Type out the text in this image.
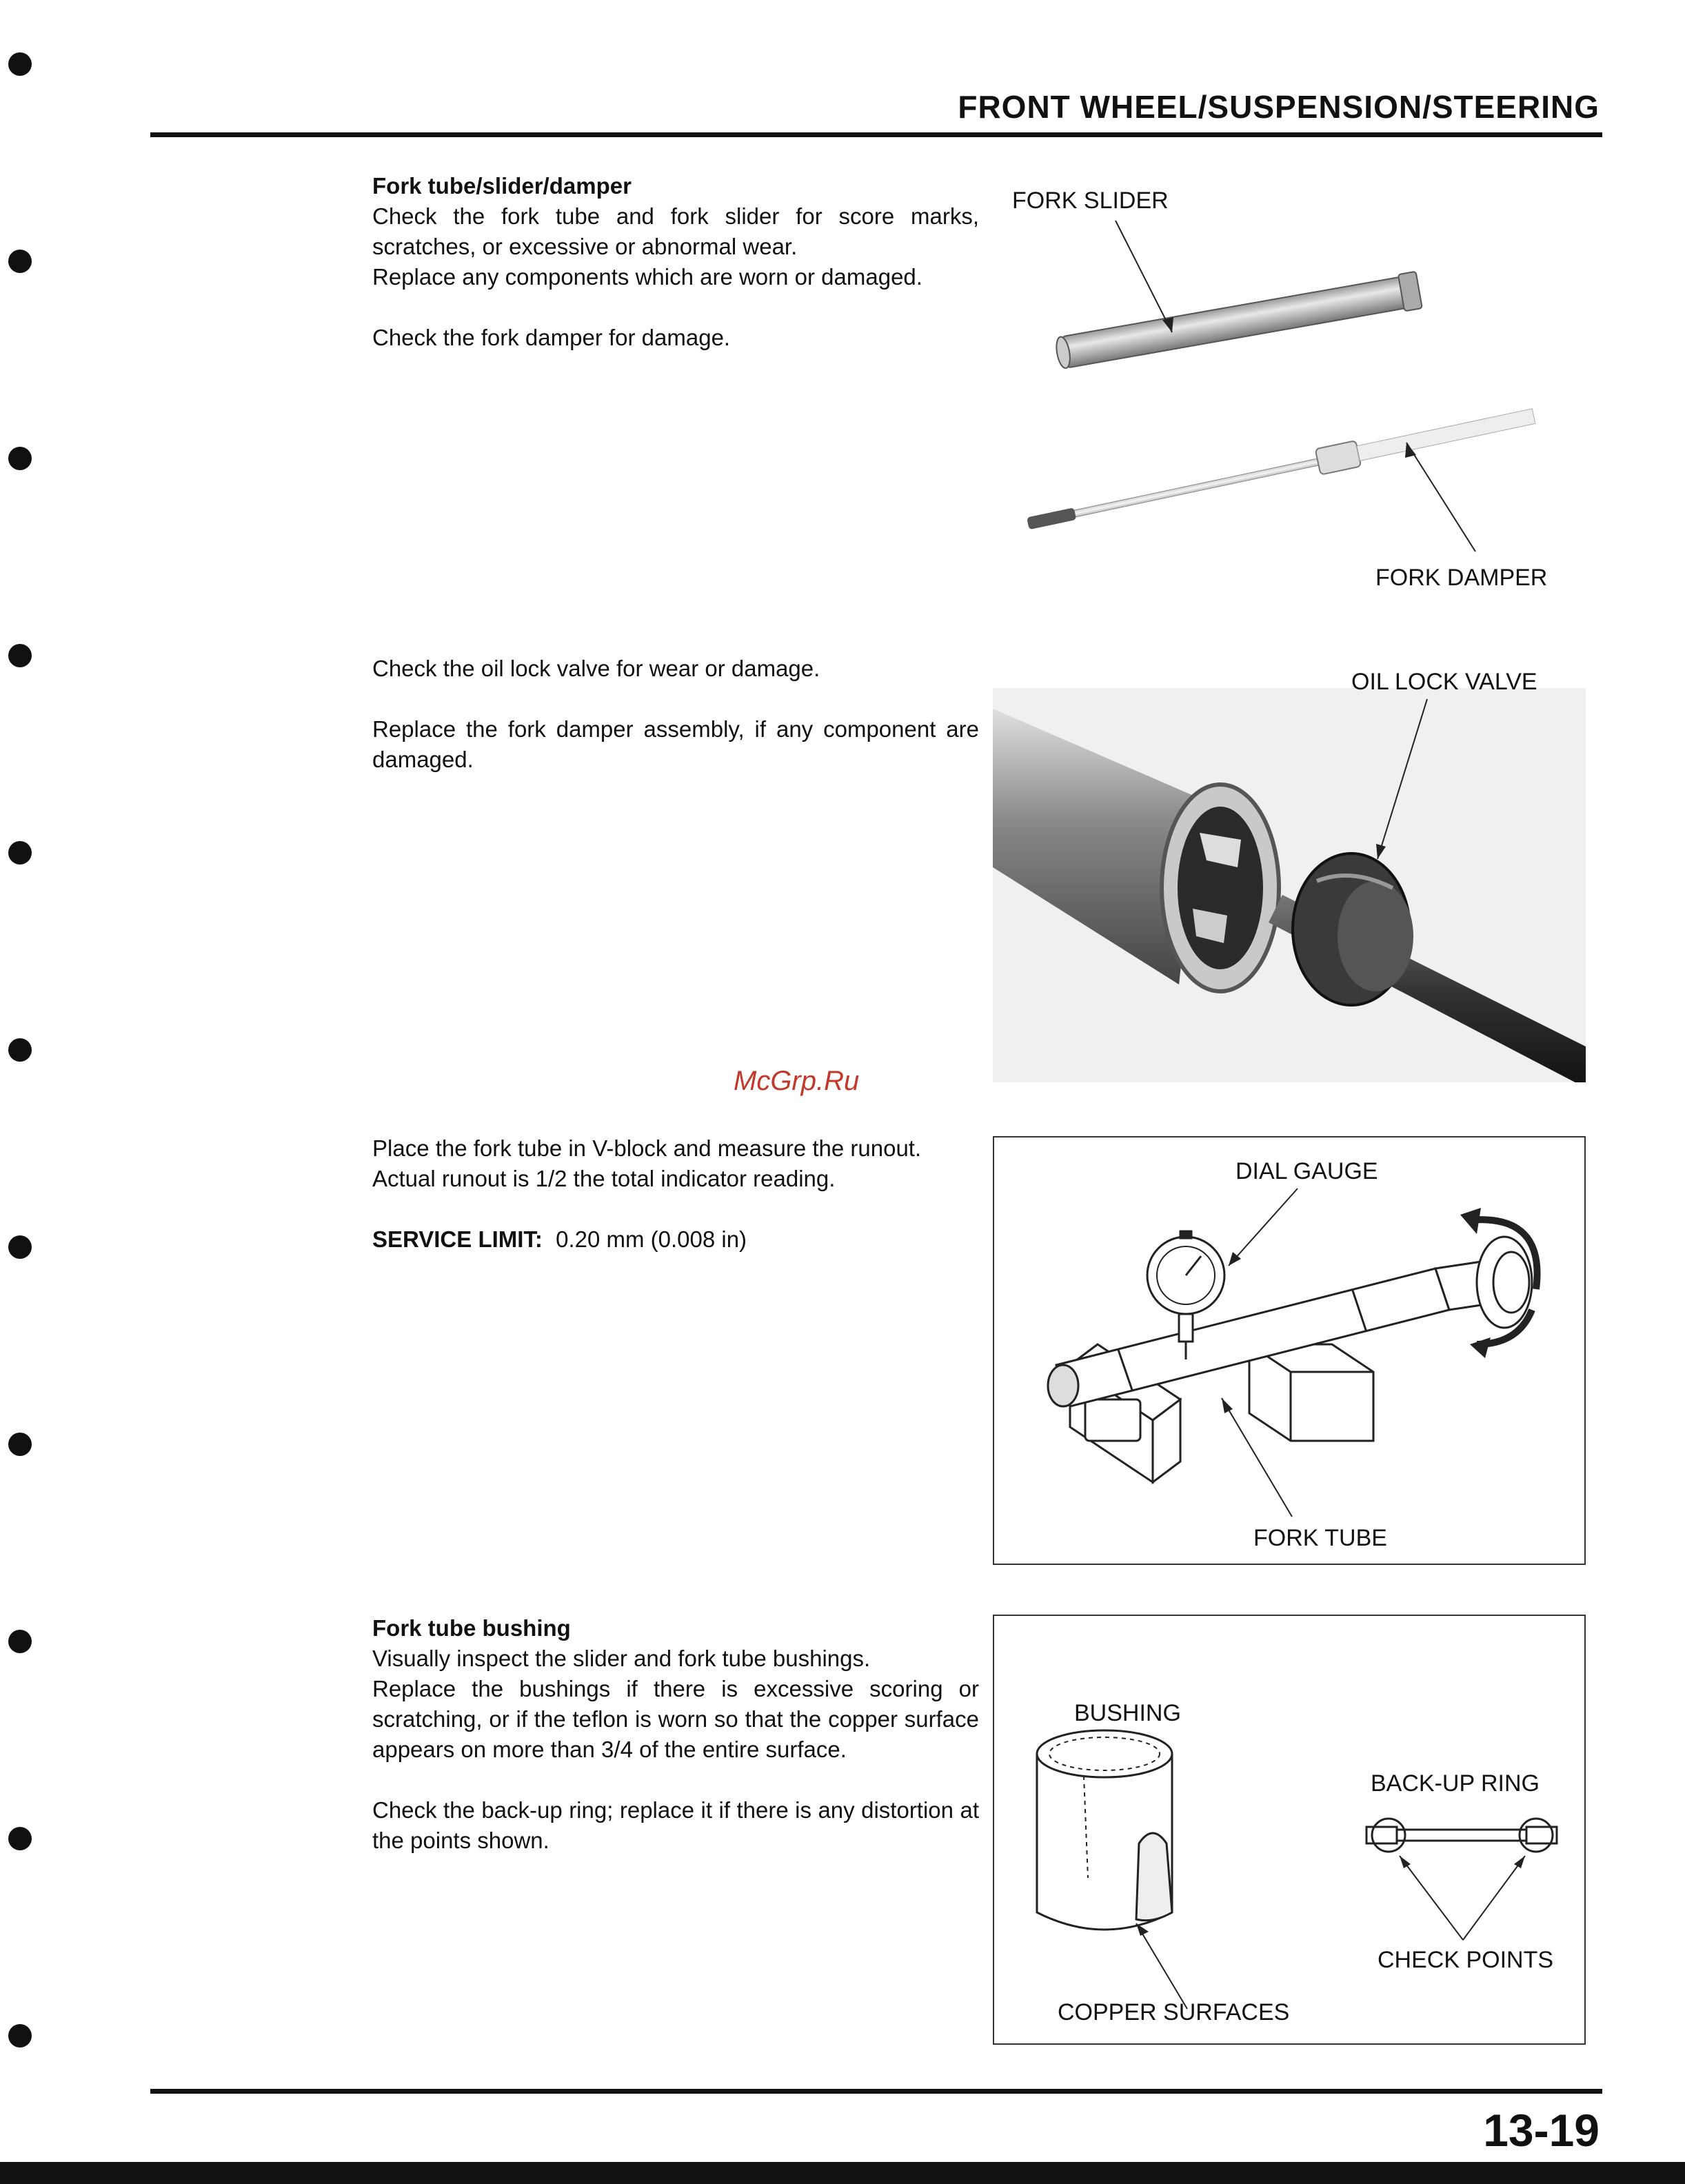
FRONT WHEEL/SUSPENSION/STEERING

Fork tube/slider/damper

Check the fork tube and fork slider for score marks, scratches, or excessive or abnormal wear.

Replace any components which are worn or damaged.

Check the fork damper for damage.

FORK SLIDER
FORK DAMPER

Check the oil lock valve for wear or damage.

Replace the fork damper assembly, if any component are damaged.

OIL LOCK VALVE
McGrp.Ru

Place the fork tube in V-block and measure the runout.

Actual runout is 1/2 the total indicator reading.

SERVICE LIMIT: 0.20 mm (0.008 in)

DIAL GAUGE
FORK TUBE

Fork tube bushing

Visually inspect the slider and fork tube bushings.

Replace the bushings if there is excessive scoring or scratching, or if the teflon is worn so that the copper surface appears on more than 3/4 of the entire surface.

Check the back-up ring; replace it if there is any distortion at the points shown.

BUSHING
BACK-UP RING
CHECK POINTS
COPPER SURFACES
13-19
